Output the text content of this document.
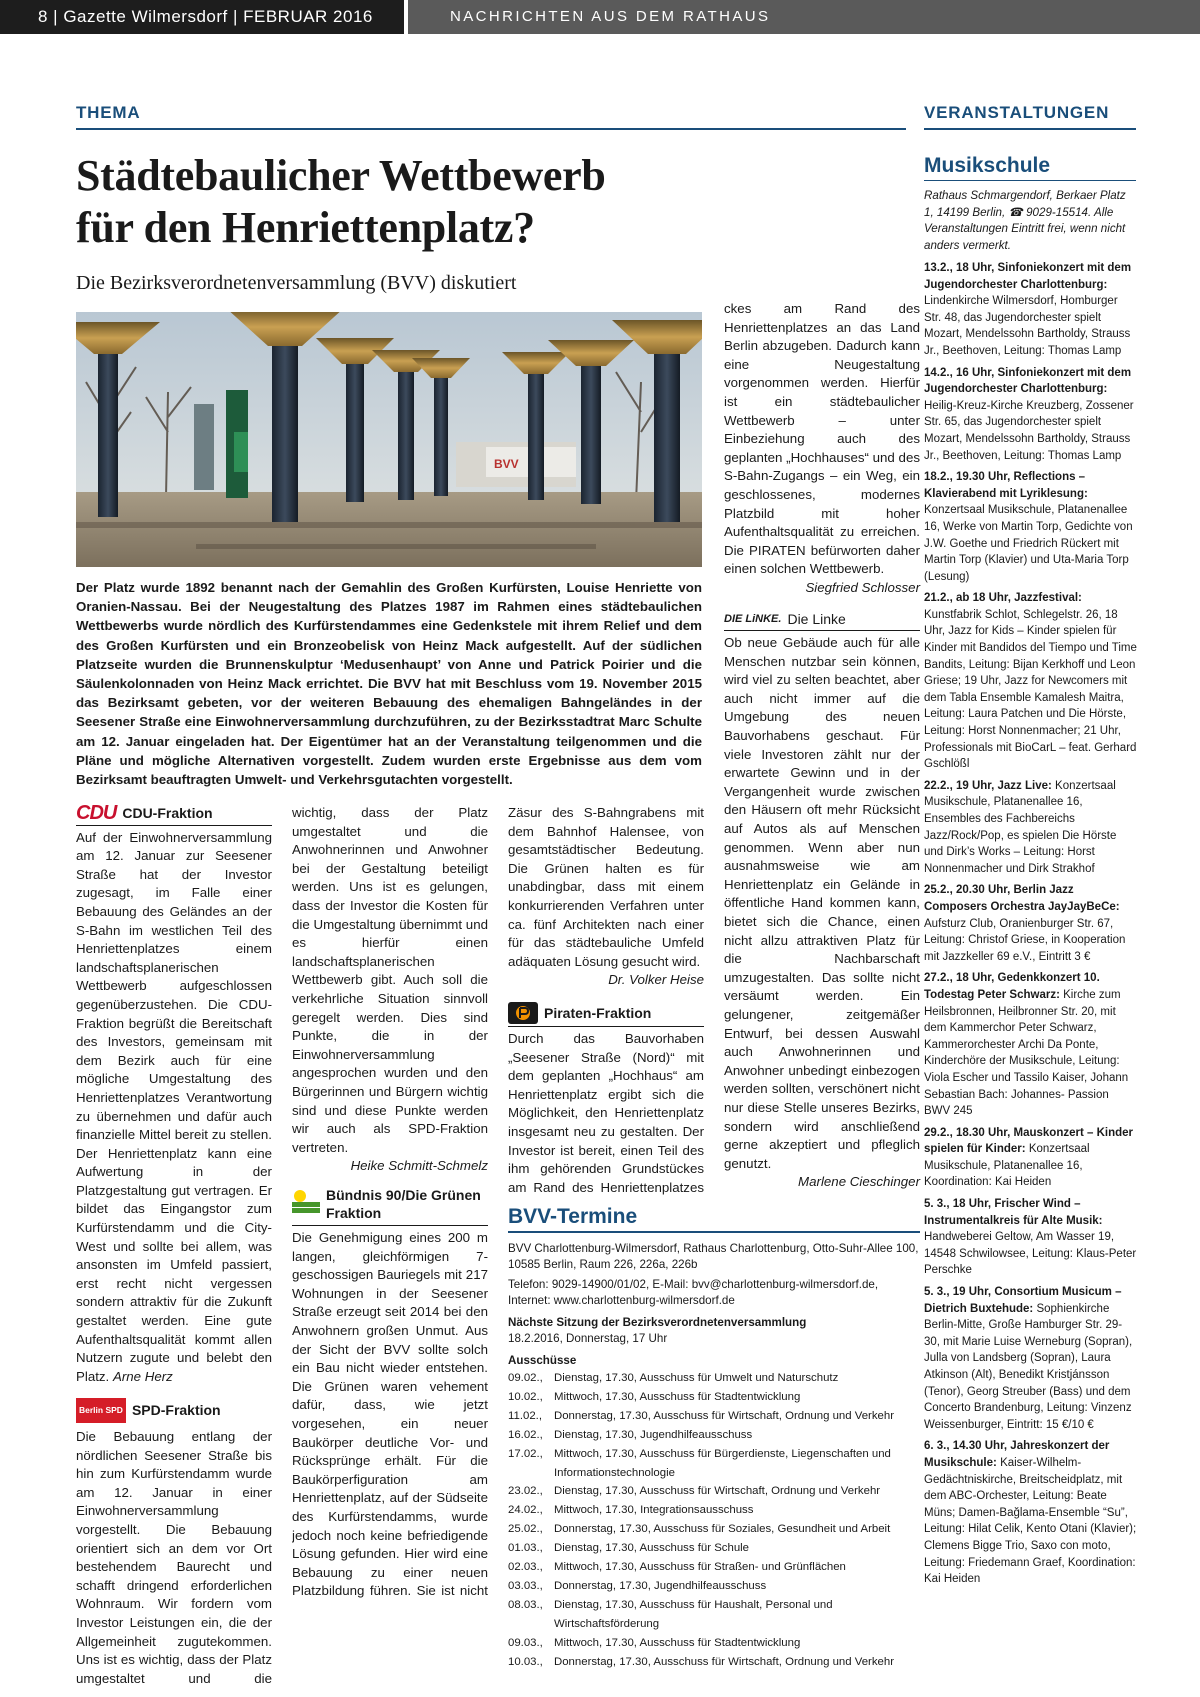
8 | Gazette Wilmersdorf | FEBRUAR 2016	NACHRICHTEN AUS DEM RATHAUS
THEMA	VERANSTALTUNGEN
Städtebaulicher Wettbewerb
für den Henriettenplatz?
Die Bezirksverordnetenversammlung (BVV) diskutiert
BVV
Der Platz wurde 1892 benannt nach der Gemahlin des Großen Kurfürsten, Louise Henriette von Oranien-Nassau. Bei der Neugestaltung des Platzes 1987 im Rahmen eines städtebaulichen Wettbewerbs wurde nördlich des Kurfürstendammes eine Gedenkstele mit ihrem Relief und dem des Großen Kurfürsten und ein Bronzeobelisk von Heinz Mack aufgestellt. Auf der südlichen Platzseite wurden die Brunnenskulptur ‘Medusenhaupt’ von Anne und Patrick Poirier und die Säulenkolonnaden von Heinz Mack errichtet. Die BVV hat mit Beschluss vom 19. November 2015 das Bezirksamt gebeten, vor der weiteren Bebauung des ehemaligen Bahngeländes in der Seesener Straße eine Einwohnerversammlung durchzuführen, zu der Bezirksstadtrat Marc Schulte am 12. Januar eingeladen hat. Der Eigentümer hat an der Veranstaltung teilgenommen und die Pläne und mögliche Alternativen vorgestellt. Zudem wurden erste Ergebnisse aus dem vom Bezirksamt beauftragten Umwelt- und Verkehrsgutachten vorgestellt.
CDU CDU-Fraktion

Auf der Einwohnerversammlung am 12. Januar zur Seesener Straße hat der Investor zugesagt, im Falle einer Bebauung des Geländes an der S-Bahn im westlichen Teil des Henriettenplatzes einem landschaftsplanerischen Wettbewerb aufgeschlossen gegenüberzustehen. Die CDU-Fraktion begrüßt die Bereitschaft des Investors, gemeinsam mit dem Bezirk auch für eine mögliche Umgestaltung des Henriettenplatzes Verantwortung zu übernehmen und dafür auch finanzielle Mittel bereit zu stellen. Der Henriettenplatz kann eine Aufwertung in der Platzgestaltung gut vertragen. Er bildet das Eingangstor zum Kurfürstendamm und die City-West und sollte bei allem, was ansonsten im Umfeld passiert, erst recht nicht vergessen sondern attraktiv für die Zukunft gestaltet werden. Eine gute Aufenthaltsqualität kommt allen Nutzern zugute und belebt den Platz. Arne Herz

Berlin SPD SPD-Fraktion

Die Bebauung entlang der nördlichen Seesener Straße bis hin zum Kurfürstendamm wurde am 12. Januar in einer Einwohnerversammlung vorgestellt. Die Bebauung orientiert sich an dem vor Ort bestehendem Baurecht und schafft dringend erforderlichen Wohnraum. Wir fordern vom Investor Leistungen ein, die der Allgemeinheit zugutekommen. Uns ist es wichtig, dass der Platz umgestaltet und die

wichtig, dass der Platz umgestaltet und die Anwohnerinnen und Anwohner bei der Gestaltung beteiligt werden. Uns ist es gelungen, dass der Investor die Kosten für die Umgestaltung übernimmt und es hierfür einen landschaftsplanerischen Wettbewerb gibt. Auch soll die verkehrliche Situation sinnvoll geregelt werden. Dies sind Punkte, die in der Einwohnerversammlung angesprochen wurden und den Bürgerinnen und Bürgern wichtig sind und diese Punkte werden wir auch als SPD-Fraktion vertreten.

Heike Schmitt-Schmelz

Bündnis 90/Die Grünen
Fraktion

Die Genehmigung eines 200 m langen, gleichförmigen 7-geschossigen Bauriegels mit 217 Wohnungen in der Seesener Straße erzeugt seit 2014 bei den Anwohnern großen Unmut. Aus der Sicht der BVV sollte solch ein Bau nicht wieder entstehen. Die Grünen waren vehement dafür, dass, wie jetzt vorgesehen, ein neuer Baukörper deutliche Vor- und Rücksprünge erhält. Für die Baukörperfiguration am Henriettenplatz, auf der Südseite des Kurfürstendamms, wurde jedoch noch keine befriedigende Lösung gefunden. Hier wird eine Bebauung zu einer neuen Platzbildung führen. Sie ist nicht

Zäsur des S-Bahngrabens mit dem Bahnhof Halensee, von gesamtstädtischer Bedeutung. Die Grünen halten es für unabdingbar, dass mit einem konkurrierenden Verfahren unter ca. fünf Architekten nach einer für das städtebauliche Umfeld adäquaten Lösung gesucht wird.
Dr. Volker Heise

Piraten-Fraktion

Durch das Bauvorhaben „Seesener Straße (Nord)“ mit dem geplanten „Hochhaus“ am Henriettenplatz ergibt sich die Möglichkeit, den Henriettenplatz insgesamt neu zu gestalten. Der Investor ist bereit, einen Teil des ihm gehörenden Grundstückes am Rand des Henriettenplatzes

ckes am Rand des Henriettenplatzes an das Land Berlin abzugeben. Dadurch kann eine Neugestaltung vorgenommen werden. Hierfür ist ein städtebaulicher Wettbewerb – unter Einbeziehung auch des geplanten „Hochhauses“ und des S-Bahn-Zugangs – ein Weg, ein geschlossenes, modernes Platzbild mit hoher Aufenthaltsqualität zu erreichen. Die PIRATEN befürworten daher einen solchen Wettbewerb.

Siegfried Schlosser

DIE LiNKE. Die Linke

Ob neue Gebäude auch für alle Menschen nutzbar sein können, wird viel zu selten beachtet, aber auch nicht immer auf die Umgebung des neuen Bauvorhabens geschaut. Für viele Investoren zählt nur der erwartete Gewinn und in der Vergangenheit wurde zwischen den Häusern oft mehr Rücksicht auf Autos als auf Menschen genommen. Wenn aber nun ausnahmsweise wie am Henriettenplatz ein Gelände in öffentliche Hand kommen kann, bietet sich die Chance, einen nicht allzu attraktiven Platz für die Nachbarschaft umzugestalten. Das sollte nicht versäumt werden. Ein gelungener, zeitgemäßer Entwurf, bei dessen Auswahl auch Anwohnerinnen und Anwohner unbedingt einbezogen werden sollten, verschönert nicht nur diese Stelle unseres Bezirks, sondern wird anschließend gerne akzeptiert und pfleglich genutzt.

Marlene Cieschinger

BVV-Termine
BVV Charlottenburg-Wilmersdorf, Rathaus Charlottenburg, Otto-Suhr-Allee 100, 10585 Berlin, Raum 226, 226a, 226b
Telefon: 9029-14900/01/02, E-Mail: bvv@charlottenburg-wilmersdorf.de, Internet: www.charlottenburg-wilmersdorf.de
Nächste Sitzung der Bezirksverordnetenversammlung
18.2.2016, Donnerstag, 17 Uhr
Ausschüsse
09.02., Dienstag, 17.30, Ausschuss für Umwelt und Naturschutz
10.02., Mittwoch, 17.30, Ausschuss für Stadtentwicklung
11.02.,	Donnerstag, 17.30, Ausschuss für Wirtschaft, Ordnung und Verkehr
16.02., Dienstag, 17.30, Jugendhilfeausschuss
17.02., Mittwoch, 17.30, Ausschuss für Bürgerdienste, Liegenschaften und Informationstechnologie
23.02., Dienstag, 17.30, Ausschuss für Wirtschaft, Ordnung und Verkehr
24.02., Mittwoch, 17.30, Integrationsausschuss
25.02., Donnerstag, 17.30, Ausschuss für Soziales, Gesundheit und Arbeit
01.03., Dienstag, 17.30, Ausschuss für Schule
02.03., Mittwoch, 17.30, Ausschuss für Straßen- und Grünflächen
03.03., Donnerstag, 17.30, Jugendhilfeausschuss
08.03., Dienstag, 17.30, Ausschuss für Haushalt, Personal und Wirtschaftsförderung
09.03., Mittwoch, 17.30, Ausschuss für Stadtentwicklung
10.03., Donnerstag, 17.30, Ausschuss für Wirtschaft, Ordnung und Verkehr
Musikschule
Rathaus Schmargendorf, Berkaer Platz 1, 14199 Berlin, ☎ 9029-15514. Alle Veranstaltungen Eintritt frei, wenn nicht anders vermerkt.
13.2., 18 Uhr, Sinfoniekonzert mit dem Jugendorchester Charlottenburg: Lindenkirche Wilmersdorf, Homburger Str. 48, das Jugendorchester spielt Mozart, Mendelssohn Bartholdy, Strauss Jr., Beethoven, Leitung: Thomas Lamp
14.2., 16 Uhr, Sinfoniekonzert mit dem Jugendorchester Charlottenburg: Heilig-Kreuz-Kirche Kreuzberg, Zossener Str. 65, das Jugendorchester spielt Mozart, Mendelssohn Bartholdy, Strauss Jr., Beethoven, Leitung: Thomas Lamp
18.2., 19.30 Uhr, Reflections – Klavierabend mit Lyriklesung: Konzertsaal Musikschule, Platanenallee 16, Werke von Martin Torp, Gedichte von J.W. Goethe und Friedrich Rückert mit Martin Torp (Klavier) und Uta-Maria Torp (Lesung)
21.2., ab 18 Uhr, Jazzfestival: Kunstfabrik Schlot, Schlegelstr. 26, 18 Uhr, Jazz for Kids – Kinder spielen für Kinder mit Bandidos del Tiempo und Time Bandits, Leitung: Bijan Kerkhoff und Leon Griese; 19 Uhr, Jazz for Newcomers mit dem Tabla Ensemble Kamalesh Maitra, Leitung: Laura Patchen und Die Hörste, Leitung: Horst Nonnenmacher; 21 Uhr, Professionals mit BioCarL – feat. Gerhard Gschlößl
22.2., 19 Uhr, Jazz Live: Konzertsaal Musikschule, Platanenallee 16, Ensembles des Fachbereichs Jazz/Rock/Pop, es spielen Die Hörste und Dirk’s Works – Leitung: Horst Nonnenmacher und Dirk Strakhof
25.2., 20.30 Uhr, Berlin Jazz Composers Orchestra JayJayBeCe: Aufsturz Club, Oranienburger Str. 67, Leitung: Christof Griese, in Kooperation mit Jazzkeller 69 e.V., Eintritt 3 €
27.2., 18 Uhr, Gedenkkonzert 10. Todestag Peter Schwarz: Kirche zum Heilsbronnen, Heilbronner Str. 20, mit dem Kammerchor Peter Schwarz, Kammerorchester Archi Da Ponte, Kinderchöre der Musikschule, Leitung: Viola Escher und Tassilo Kaiser, Johann Sebastian Bach: Johannes- Passion BWV 245
29.2., 18.30 Uhr, Mauskonzert – Kinder spielen für Kinder: Konzertsaal Musikschule, Platanenallee 16, Koordination: Kai Heiden
5. 3., 18 Uhr, Frischer Wind – Instrumentalkreis für Alte Musik: Handweberei Geltow, Am Wasser 19, 14548 Schwilowsee, Leitung: Klaus-Peter Perschke
5. 3., 19 Uhr, Consortium Musicum – Dietrich Buxtehude: Sophienkirche Berlin-Mitte, Große Hamburger Str. 29-30, mit Marie Luise Werneburg (Sopran), Julla von Landsberg (Sopran), Laura Atkinson (Alt), Benedikt Kristjánsson (Tenor), Georg Streuber (Bass) und dem Concerto Brandenburg, Leitung: Vinzenz Weissenburger, Eintritt: 15 €/10 €
6. 3., 14.30 Uhr, Jahreskonzert der Musikschule: Kaiser-Wilhelm-Gedächtniskirche, Breitscheidplatz, mit dem ABC-Orchester, Leitung: Beate Müns; Damen-Bağlama-Ensemble “Su”, Leitung: Hilat Celik, Kento Otani (Klavier); Clemens Bigge Trio, Saxo con moto, Leitung: Friedemann Graef, Koordination: Kai Heiden
